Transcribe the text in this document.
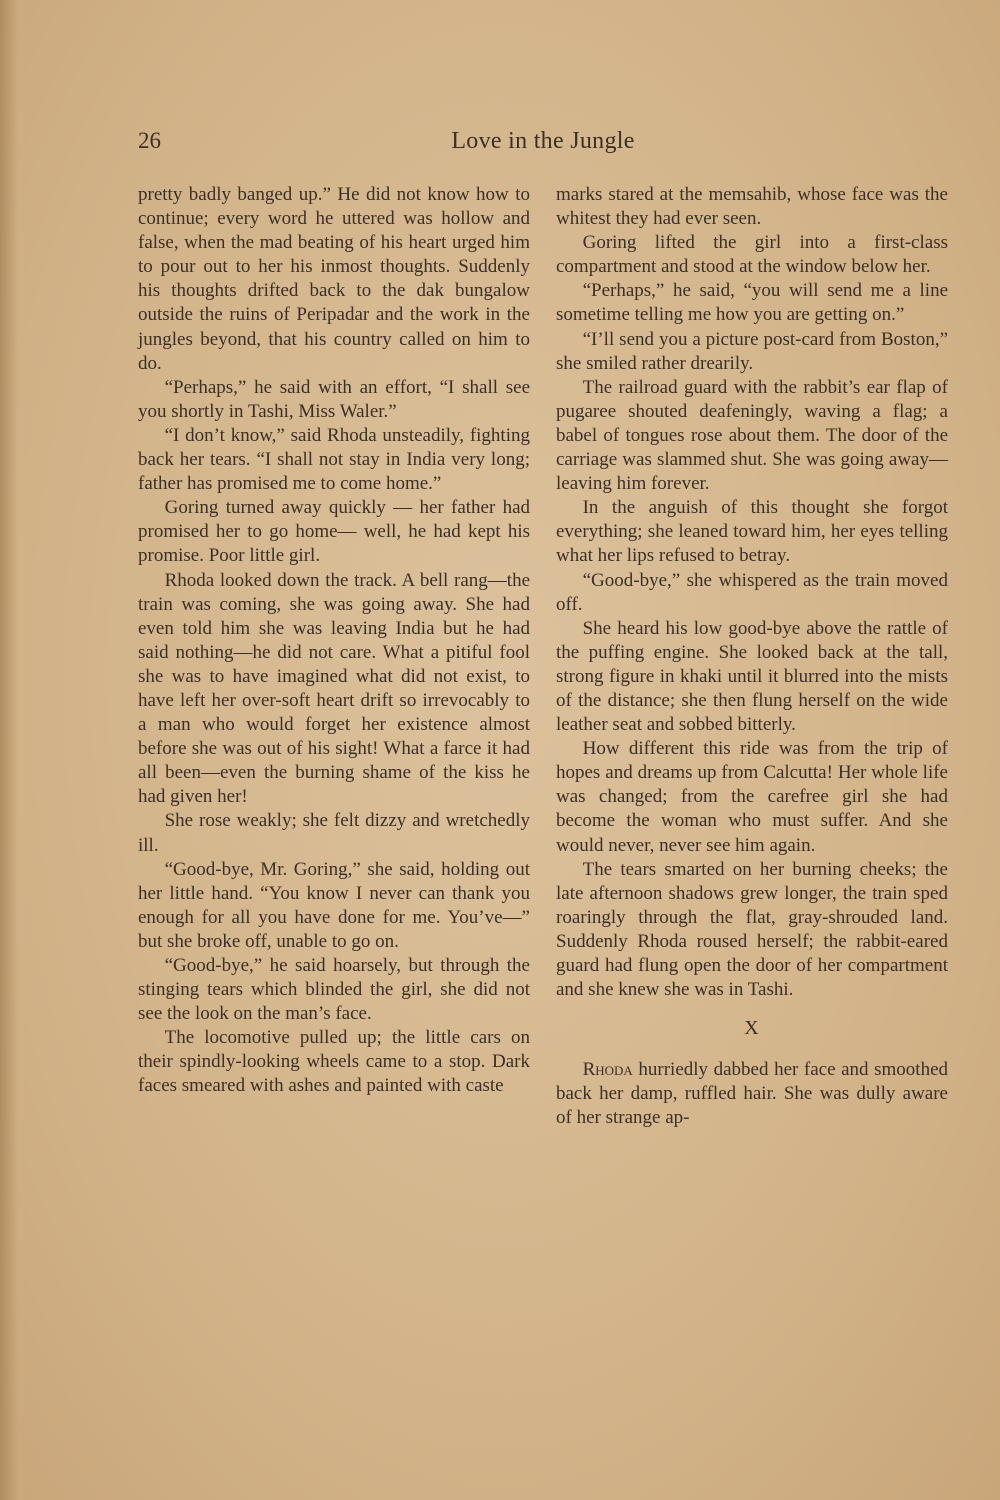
26	Love in the Jungle

pretty badly banged up.” He did not know how to continue; every word he uttered was hollow and false, when the mad beating of his heart urged him to pour out to her his inmost thoughts. Suddenly his thoughts drifted back to the dak bungalow outside the ruins of Peripadar and the work in the jungles beyond, that his country called on him to do.

“Perhaps,” he said with an effort, “I shall see you shortly in Tashi, Miss Waler.”

“I don’t know,” said Rhoda unsteadily, fighting back her tears. “I shall not stay in India very long; father has promised me to come home.”

Goring turned away quickly — her father had promised her to go home— well, he had kept his promise. Poor little girl.

Rhoda looked down the track. A bell rang—the train was coming, she was going away. She had even told him she was leaving India but he had said nothing—he did not care. What a pitiful fool she was to have imagined what did not exist, to have left her over-soft heart drift so irrevocably to a man who would forget her existence almost before she was out of his sight! What a farce it had all been—even the burning shame of the kiss he had given her!

She rose weakly; she felt dizzy and wretchedly ill.

“Good-bye, Mr. Goring,” she said, holding out her little hand. “You know I never can thank you enough for all you have done for me. You’ve—” but she broke off, unable to go on.

“Good-bye,” he said hoarsely, but through the stinging tears which blinded the girl, she did not see the look on the man’s face.

The locomotive pulled up; the little cars on their spindly-looking wheels came to a stop. Dark faces smeared with ashes and painted with caste

marks stared at the memsahib, whose face was the whitest they had ever seen.

Goring lifted the girl into a first-class compartment and stood at the window below her.

“Perhaps,” he said, “you will send me a line sometime telling me how you are getting on.”

“I’ll send you a picture post-card from Boston,” she smiled rather drearily.

The railroad guard with the rabbit’s ear flap of pugaree shouted deafeningly, waving a flag; a babel of tongues rose about them. The door of the carriage was slammed shut. She was going away—leaving him forever.

In the anguish of this thought she forgot everything; she leaned toward him, her eyes telling what her lips refused to betray.

“Good-bye,” she whispered as the train moved off.

She heard his low good-bye above the rattle of the puffing engine. She looked back at the tall, strong figure in khaki until it blurred into the mists of the distance; she then flung herself on the wide leather seat and sobbed bitterly.

How different this ride was from the trip of hopes and dreams up from Calcutta! Her whole life was changed; from the carefree girl she had become the woman who must suffer. And she would never, never see him again.

The tears smarted on her burning cheeks; the late afternoon shadows grew longer, the train sped roaringly through the flat, gray-shrouded land. Suddenly Rhoda roused herself; the rabbit-eared guard had flung open the door of her compartment and she knew she was in Tashi.

X

Rhoda hurriedly dabbed her face and smoothed back her damp, ruffled hair. She was dully aware of her strange ap-
